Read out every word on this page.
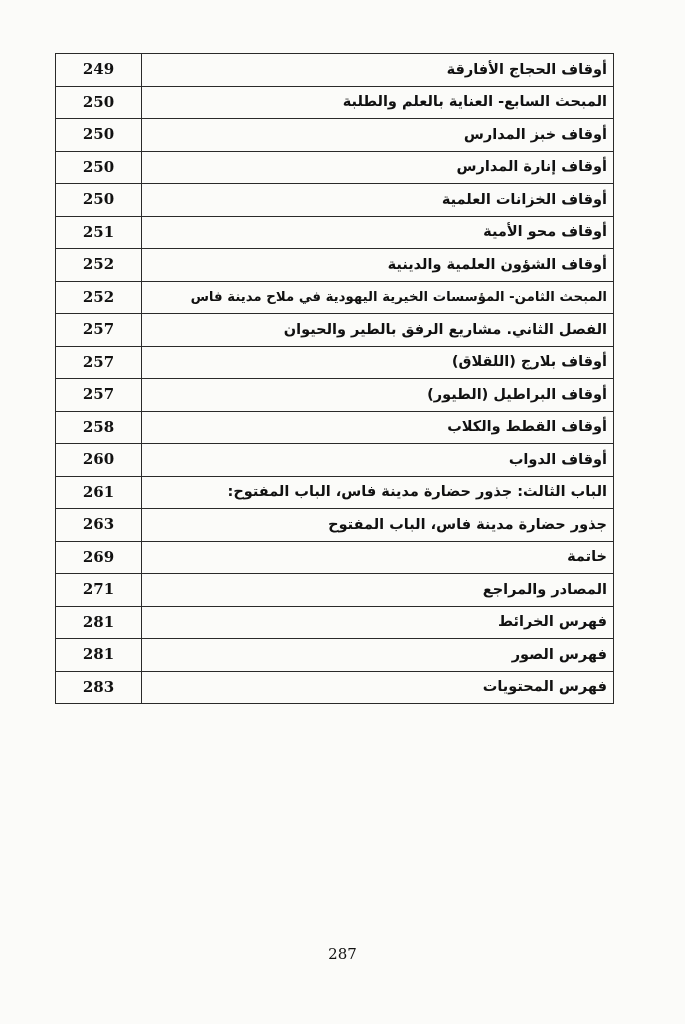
249	أوقاف الحجاج الأفارقة
250	المبحث السابع- العناية بالعلم والطلبة
250	أوقاف خبز المدارس
250	أوقاف إنارة المدارس
250	أوقاف الخزانات العلمية
251	أوقاف محو الأمية
252	أوقاف الشؤون العلمية والدينية
252	المبحث الثامن- المؤسسات الخيرية اليهودية في ملاح مدينة فاس
257	الفصل الثاني. مشاريع الرفق بالطير والحيوان
257	أوقاف بلارج (اللقلاق)
257	أوقاف البراطيل (الطيور)
258	أوقاف القطط والكلاب
260	أوقاف الدواب
261	الباب الثالث: جذور حضارة مدينة فاس، الباب المفتوح:
263	جذور حضارة مدينة فاس، الباب المفتوح
269	خاتمة
271	المصادر والمراجع
281	فهرس الخرائط
281	فهرس الصور
283	فهرس المحتويات
287
